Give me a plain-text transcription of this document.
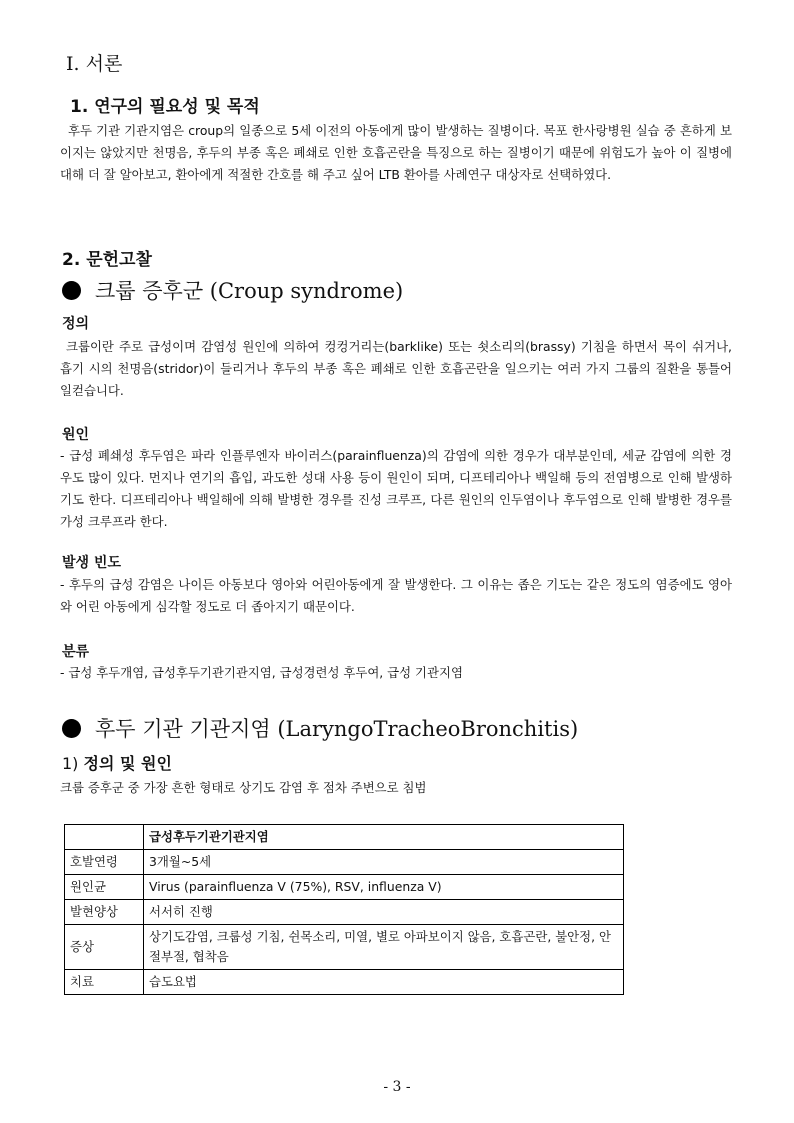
Ⅰ. 서론
1. 연구의 필요성 및 목적

후두 기관 기관지염은 croup의 일종으로 5세 이전의 아동에게 많이 발생하는 질병이다. 목포 한사랑병원 실습 중 흔하게 보이지는 않았지만 천명음, 후두의 부종 혹은 폐쇄로 인한 호흡곤란을 특징으로 하는 질병이기 때문에 위험도가 높아 이 질병에 대해 더 잘 알아보고, 환아에게 적절한 간호를 해 주고 싶어 LTB 환아를 사례연구 대상자로 선택하였다.

2. 문헌고찰
크룹 증후군 (Croup syndrome)
정의

크룹이란 주로 급성이며 감염성 원인에 의하여 컹컹거리는(barklike) 또는 쇳소리의(brassy) 기침을 하면서 목이 쉬거나, 흡기 시의 천명음(stridor)이 들리거나 후두의 부종 혹은 폐쇄로 인한 호흡곤란을 일으키는 여러 가지 그룹의 질환을 통틀어 일컫습니다.

원인

- 급성 폐쇄성 후두염은 파라 인플루엔자 바이러스(parainfluenza)의 감염에 의한 경우가 대부분인데, 세균 감염에 의한 경우도 많이 있다. 먼지나 연기의 흡입, 과도한 성대 사용 등이 원인이 되며, 디프테리아나 백일해 등의 전염병으로 인해 발생하기도 한다. 디프테리아나 백일해에 의해 발병한 경우를 진성 크루프, 다른 원인의 인두염이나 후두염으로 인해 발병한 경우를 가성 크루프라 한다.

발생 빈도

- 후두의 급성 감염은 나이든 아동보다 영아와 어린아동에게 잘 발생한다. 그 이유는 좁은 기도는 같은 정도의 염증에도 영아와 어린 아동에게 심각할 정도로 더 좁아지기 때문이다.

분류

- 급성 후두개염, 급성후두기관기관지염, 급성경련성 후두여, 급성 기관지염

후두 기관 기관지염 (LaryngoTracheoBronchitis)
1) 정의 및 원인

크룹 증후군 중 가장 흔한 형태로 상기도 감염 후 점차 주변으로 침범

	급성후두기관기관지염
호발연령	3개월~5세
원인균	Virus (parainfluenza Ⅴ (75%), RSV, influenza Ⅴ)
발현양상	서서히 진행
증상	상기도감염, 크룹성 기침, 쉰목소리, 미열, 별로 아파보이지 않음, 호흡곤란, 불안정, 안절부절, 협착음
치료	습도요법
- 3 -
